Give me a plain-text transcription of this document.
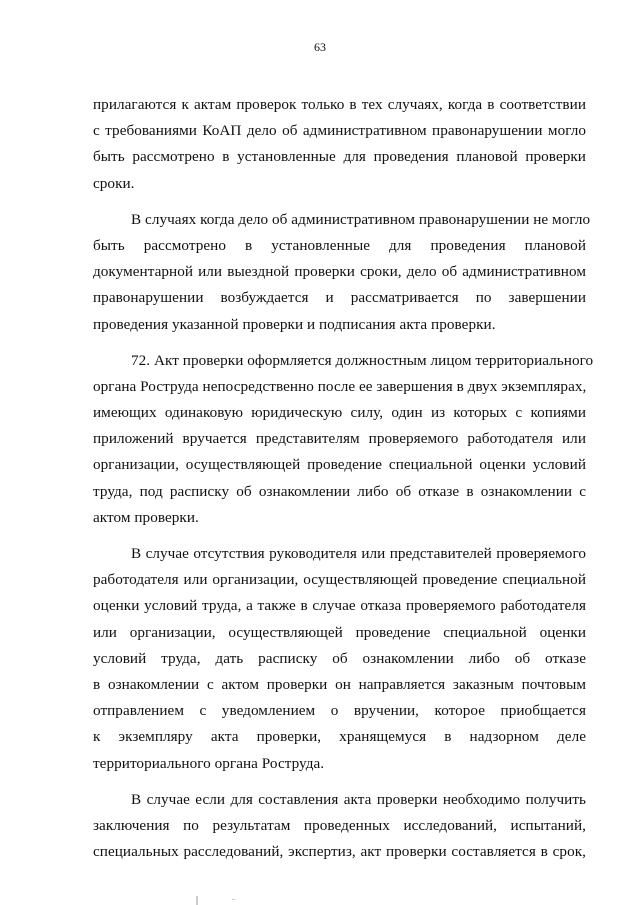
63
прилагаются к актам проверок только в тех случаях, когда в соответствии
с требованиями КоАП дело об административном правонарушении могло
быть рассмотрено в установленные для проведения плановой проверки
сроки.
В случаях когда дело об административном правонарушении не могло
быть рассмотрено в установленные для проведения плановой
документарной или выездной проверки сроки, дело об административном
правонарушении возбуждается и рассматривается по завершении
проведения указанной проверки и подписания акта проверки.
72. Акт проверки оформляется должностным лицом территориального
органа Роструда непосредственно после ее завершения в двух экземплярах,
имеющих одинаковую юридическую силу, один из которых с копиями
приложений вручается представителям проверяемого работодателя или
организации, осуществляющей проведение специальной оценки условий
труда, под расписку об ознакомлении либо об отказе в ознакомлении с
актом проверки.
В случае отсутствия руководителя или представителей проверяемого
работодателя или организации, осуществляющей проведение специальной
оценки условий труда, а также в случае отказа проверяемого работодателя
или организации, осуществляющей проведение специальной оценки
условий труда, дать расписку об ознакомлении либо об отказе
в ознакомлении с актом проверки он направляется заказным почтовым
отправлением с уведомлением о вручении, которое приобщается
к экземпляру акта проверки, хранящемуся в надзорном деле
территориального органа Роструда.
В случае если для составления акта проверки необходимо получить
заключения по результатам проведенных исследований, испытаний,
специальных расследований, экспертиз, акт проверки составляется в срок,
